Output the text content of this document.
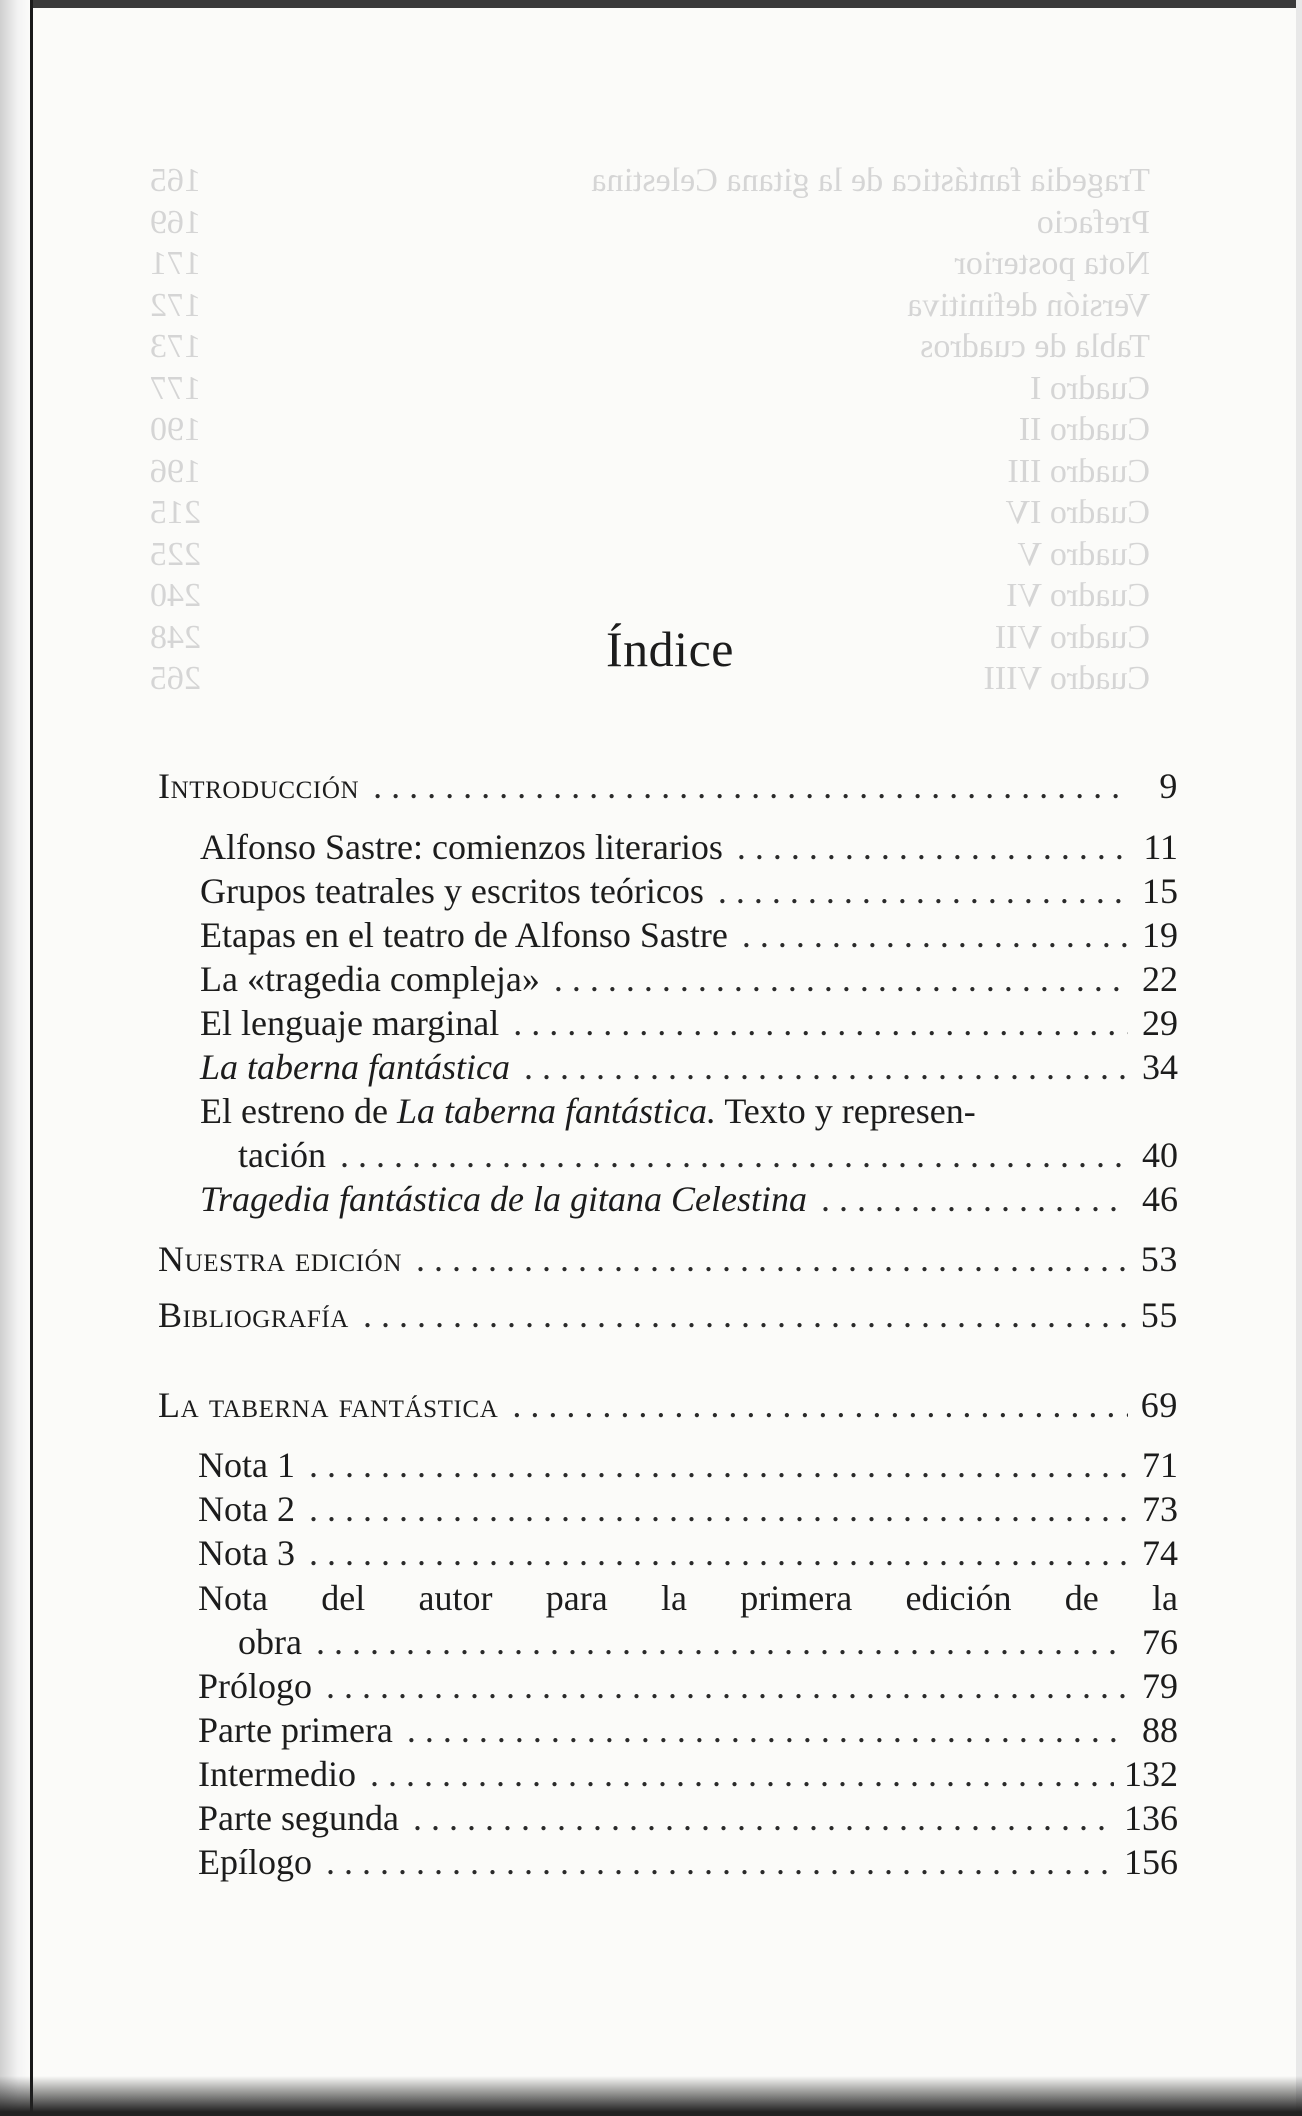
Tragedia fantástica de la gitana Celestina
165
Prefacio
169
Nota posterior
171
Versión definitiva
172
Tabla de cuadros
173
Cuadro I
177
Cuadro II
190
Cuadro III
196
Cuadro IV
215
Cuadro V
225
Cuadro VI
240
Cuadro VII
248
Cuadro VIII
265
Índice
Introducción . . .	9
Alfonso Sastre: comienzos literarios . . .	11
Grupos teatrales y escritos teóricos . . .	15
Etapas en el teatro de Alfonso Sastre . . .	19
La «tragedia compleja» . . .	22
El lenguaje marginal . . .	29
La taberna fantástica . . .	34
El estreno de La taberna fantástica. Texto y represen-
tación . . .	40
Tragedia fantástica de la gitana Celestina . . .	46
Nuestra edición . . .	53
Bibliografía . . .	55
La taberna fantástica . . .	69
Nota 1 . . .	71
Nota 2 . . .	73
Nota 3 . . .	74
Nota del autor para la primera edición de la
obra . . .	76
Prólogo . . .	79
Parte primera . . .	88
Intermedio . . .	132
Parte segunda . . .	136
Epílogo . . .	156
